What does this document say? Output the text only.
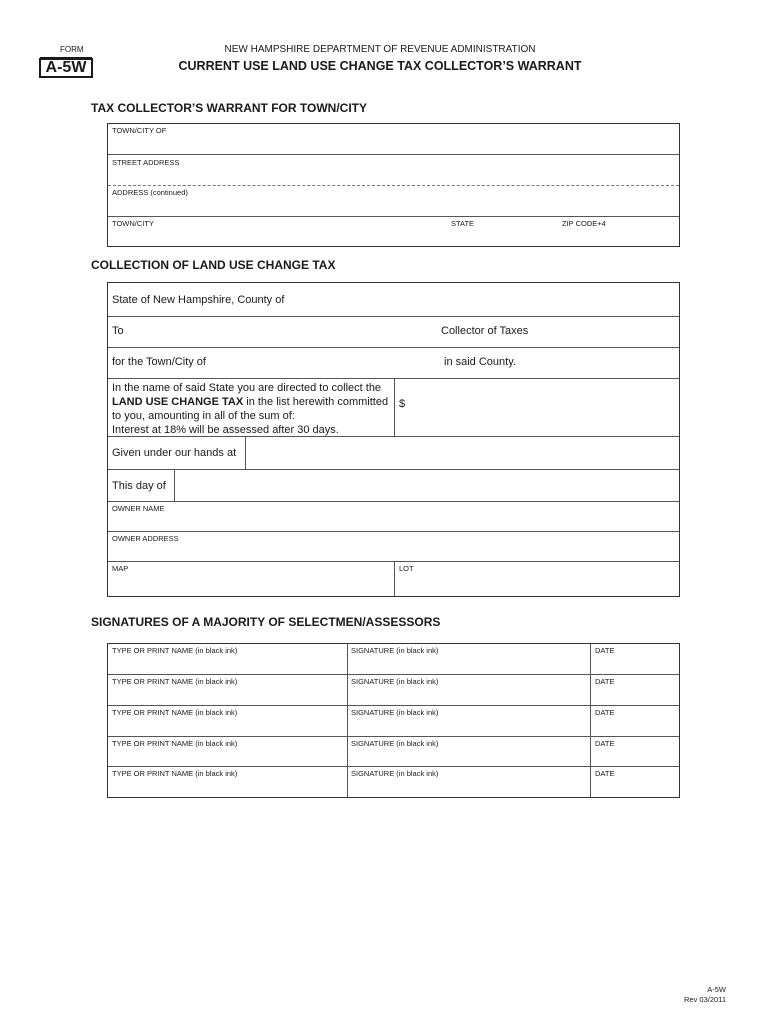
FORM
A-5W
NEW HAMPSHIRE DEPARTMENT OF REVENUE ADMINISTRATION
CURRENT USE LAND USE CHANGE TAX COLLECTOR’S WARRANT
TAX COLLECTOR’S WARRANT FOR TOWN/CITY
TOWN/CITY OF
STREET ADDRESS
ADDRESS (continued)
TOWN/CITY	STATE	ZIP CODE+4
COLLECTION OF LAND USE CHANGE TAX
State of New Hampshire, County of
To	Collector of Taxes
for the Town/City of	in said County.
In the name of said State you are directed to collect the
LAND USE CHANGE TAX in the list herewith committed
to you, amounting in all of the sum of:
Interest at 18% will be assessed after 30 days.
$
Given under our hands at
This day of
OWNER NAME
OWNER ADDRESS
MAP	LOT
SIGNATURES OF A MAJORITY OF SELECTMEN/ASSESSORS
TYPE OR PRINT NAME (in black ink)	SIGNATURE (in black ink)	DATE
TYPE OR PRINT NAME (in black ink)	SIGNATURE (in black ink)	DATE
TYPE OR PRINT NAME (in black ink)	SIGNATURE (in black ink)	DATE
TYPE OR PRINT NAME (in black ink)	SIGNATURE (in black ink)	DATE
TYPE OR PRINT NAME (in black ink)	SIGNATURE (in black ink)	DATE
A-5W
Rev 03/2011
